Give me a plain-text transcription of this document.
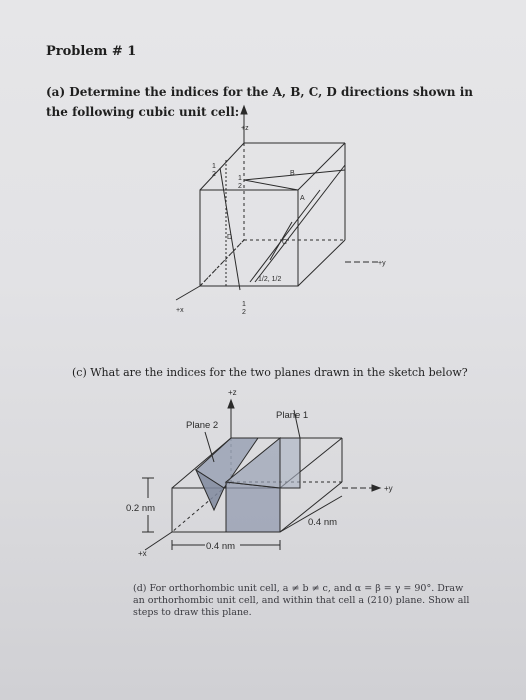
Problem # 1
(a) Determine the indices for the A, B, C, D directions shown in the following cubic unit cell:
(c) What are the indices for the two planes drawn in the sketch below?
(d) For orthorhombic unit cell, a ≠ b ≠ c, and α = β = γ = 90°. Draw an orthorhombic unit cell, and within that cell a (210) plane. Show all steps to draw this plane.
+z
+y
+x
A
B
C
D
1
2
1
2
1/2, 1/2
1
2
+z
+y
+x
Plane 1
Plane 2
0.2 nm
0.4 nm
0.4 nm
